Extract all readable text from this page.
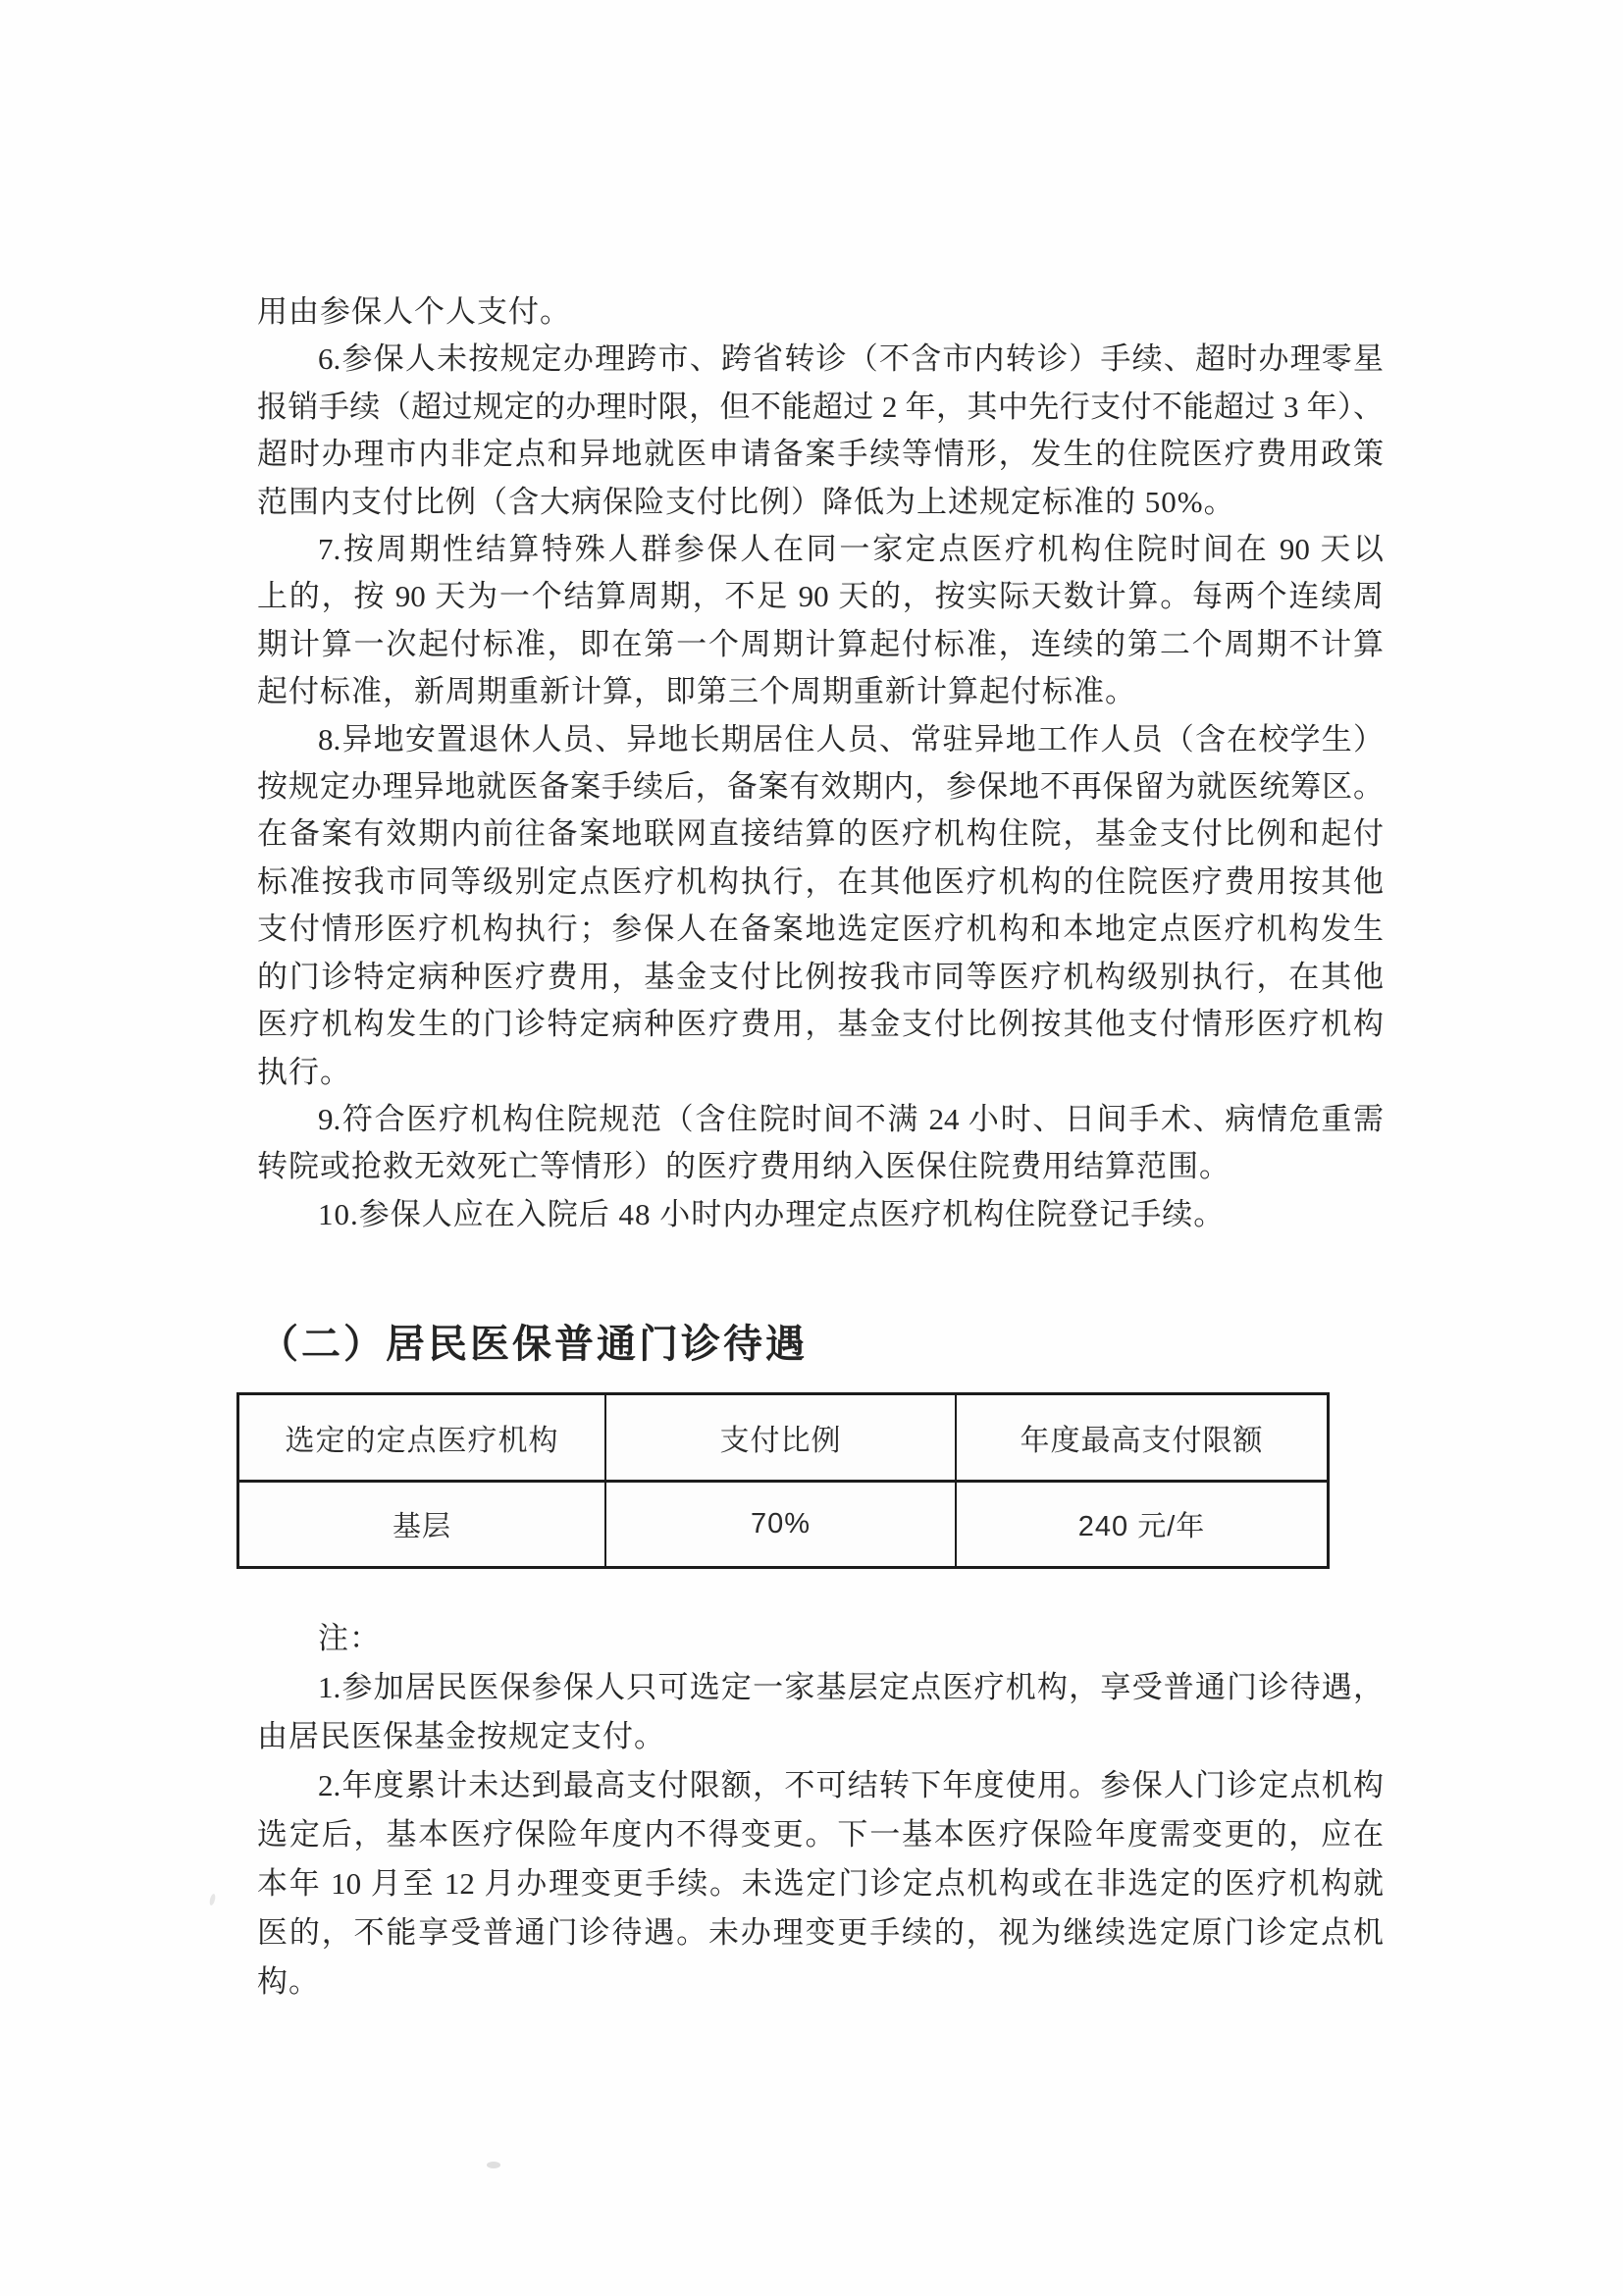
用由参保人个人支付。
6.参保人未按规定办理跨市、跨省转诊（不含市内转诊）手续、超时办理零星
报销手续（超过规定的办理时限，但不能超过 2 年，其中先行支付不能超过 3 年）、
超时办理市内非定点和异地就医申请备案手续等情形，发生的住院医疗费用政策
范围内支付比例（含大病保险支付比例）降低为上述规定标准的 50%。
7.按周期性结算特殊人群参保人在同一家定点医疗机构住院时间在 90 天以
上的，按 90 天为一个结算周期，不足 90 天的，按实际天数计算。每两个连续周
期计算一次起付标准，即在第一个周期计算起付标准，连续的第二个周期不计算
起付标准，新周期重新计算，即第三个周期重新计算起付标准。
8.异地安置退休人员、异地长期居住人员、常驻异地工作人员（含在校学生）
按规定办理异地就医备案手续后，备案有效期内，参保地不再保留为就医统筹区。
在备案有效期内前往备案地联网直接结算的医疗机构住院，基金支付比例和起付
标准按我市同等级别定点医疗机构执行，在其他医疗机构的住院医疗费用按其他
支付情形医疗机构执行；参保人在备案地选定医疗机构和本地定点医疗机构发生
的门诊特定病种医疗费用，基金支付比例按我市同等医疗机构级别执行，在其他
医疗机构发生的门诊特定病种医疗费用，基金支付比例按其他支付情形医疗机构
执行。
9.符合医疗机构住院规范（含住院时间不满 24 小时、日间手术、病情危重需
转院或抢救无效死亡等情形）的医疗费用纳入医保住院费用结算范围。
10.参保人应在入院后 48 小时内办理定点医疗机构住院登记手续。
（二）居民医保普通门诊待遇
选定的定点医疗机构	支付比例	年度最高支付限额
基层	70%	240 元/年
注：
1.参加居民医保参保人只可选定一家基层定点医疗机构，享受普通门诊待遇，
由居民医保基金按规定支付。
2.年度累计未达到最高支付限额，不可结转下年度使用。参保人门诊定点机构
选定后，基本医疗保险年度内不得变更。下一基本医疗保险年度需变更的，应在
本年 10 月至 12 月办理变更手续。未选定门诊定点机构或在非选定的医疗机构就
医的，不能享受普通门诊待遇。未办理变更手续的，视为继续选定原门诊定点机
构。
